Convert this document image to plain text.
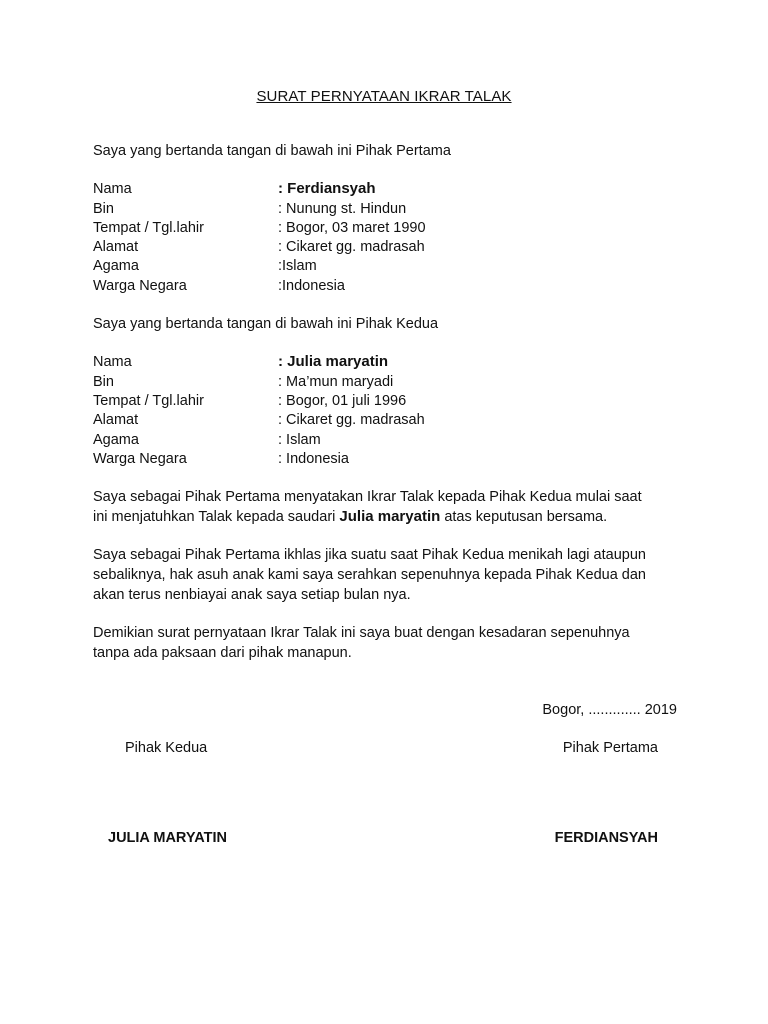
SURAT PERNYATAAN IKRAR TALAK
Saya yang bertanda tangan di bawah ini Pihak Pertama
Nama	: Ferdiansyah
Bin	: Nunung st. Hindun
Tempat / Tgl.lahir	: Bogor, 03 maret 1990
Alamat	: Cikaret gg. madrasah
Agama	:Islam
Warga Negara	:Indonesia
Saya yang bertanda tangan di bawah ini Pihak Kedua
Nama	: Julia maryatin
Bin	: Ma’mun maryadi
Tempat / Tgl.lahir	: Bogor, 01 juli 1996
Alamat	: Cikaret gg. madrasah
Agama	: Islam
Warga Negara	: Indonesia
Saya sebagai Pihak Pertama menyatakan Ikrar Talak kepada Pihak Kedua mulai saat
ini menjatuhkan Talak kepada saudari Julia maryatin atas keputusan bersama.
Saya sebagai Pihak Pertama ikhlas jika suatu saat Pihak Kedua menikah lagi ataupun
sebaliknya, hak asuh anak kami saya serahkan sepenuhnya kepada Pihak Kedua dan
akan terus nenbiayai anak saya setiap bulan nya.
Demikian surat pernyataan Ikrar Talak ini saya buat dengan kesadaran sepenuhnya
tanpa ada paksaan dari pihak manapun.
Bogor, ............. 2019
Pihak Kedua	Pihak Pertama
JULIA MARYATIN	FERDIANSYAH
